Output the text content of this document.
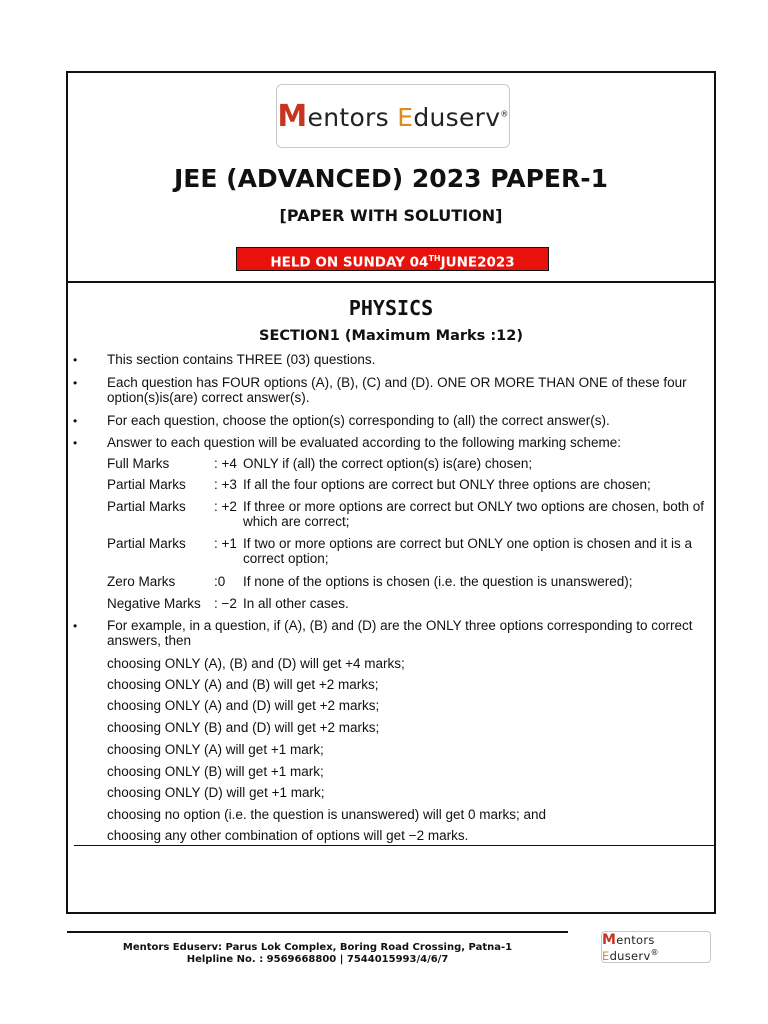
Mentors Eduserv®
JEE (ADVANCED) 2023 PAPER-1
[PAPER WITH SOLUTION]
HELD ON SUNDAY 04THJUNE2023
PHYSICS
SECTION1 (Maximum Marks :12)
• This section contains THREE (03) questions.
• Each question has FOUR options (A), (B), (C) and (D). ONE OR MORE THAN ONE of these four option(s)is(are) correct answer(s).
• For each question, choose the option(s) corresponding to (all) the correct answer(s).
• Answer to each question will be evaluated according to the following marking scheme:
Full Marks	: +4 ONLY if (all) the correct option(s) is(are) chosen;
Partial Marks : +3 If all the four options are correct but ONLY three options are chosen;
Partial Marks : +2 If three or more options are correct but ONLY two options are chosen, both of which are correct;
Partial Marks : +1 If two or more options are correct but ONLY one option is chosen and it is a correct option;
Zero Marks	:0 If none of the options is chosen (i.e. the question is unanswered);
Negative Marks : −2 In all other cases.
• For example, in a question, if (A), (B) and (D) are the ONLY three options corresponding to correct answers, then
choosing ONLY (A), (B) and (D) will get +4 marks;
choosing ONLY (A) and (B) will get +2 marks;
choosing ONLY (A) and (D) will get +2 marks;
choosing ONLY (B) and (D) will get +2 marks;
choosing ONLY (A) will get +1 mark;
choosing ONLY (B) will get +1 mark;
choosing ONLY (D) will get +1 mark;
choosing no option (i.e. the question is unanswered) will get 0 marks; and
choosing any other combination of options will get −2 marks.
Mentors Eduserv: Parus Lok Complex, Boring Road Crossing, Patna-1
Helpline No. : 9569668800 | 7544015993/4/6/7
Mentors Eduserv®
